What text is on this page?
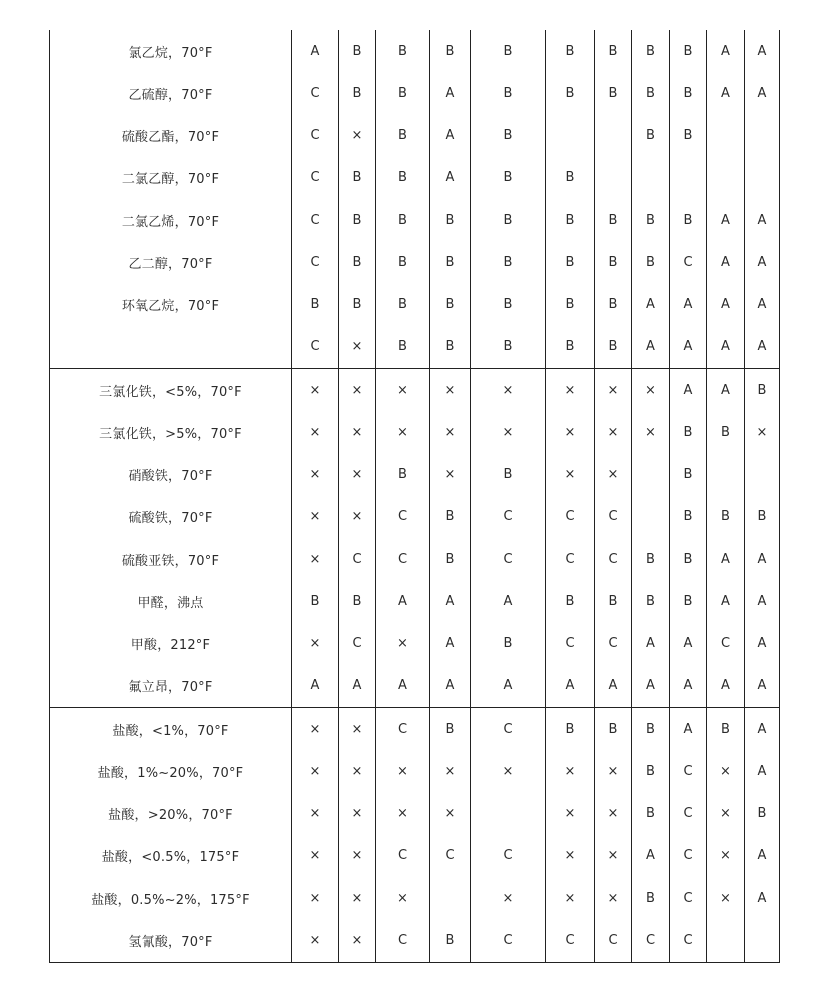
氯乙烷，70°F	A	B	B	B	B	B	B	B	B	A	A
乙硫醇，70°F	C	B	B	A	B	B	B	B	B	A	A
硫酸乙酯，70°F	C	×	B	A	B			B	B		
二氯乙醇，70°F	C	B	B	A	B	B					
二氯乙烯，70°F	C	B	B	B	B	B	B	B	B	A	A
乙二醇，70°F	C	B	B	B	B	B	B	B	C	A	A
环氧乙烷，70°F	B	B	B	B	B	B	B	A	A	A	A
	C	×	B	B	B	B	B	A	A	A	A
三氯化铁，<5%，70°F	×	×	×	×	×	×	×	×	A	A	B
三氯化铁，>5%，70°F	×	×	×	×	×	×	×	×	B	B	×
硝酸铁，70°F	×	×	B	×	B	×	×		B		
硫酸铁，70°F	×	×	C	B	C	C	C		B	B	B
硫酸亚铁，70°F	×	C	C	B	C	C	C	B	B	A	A
甲醛，沸点	B	B	A	A	A	B	B	B	B	A	A
甲酸，212°F	×	C	×	A	B	C	C	A	A	C	A
氟立昂，70°F	A	A	A	A	A	A	A	A	A	A	A
盐酸，<1%，70°F	×	×	C	B	C	B	B	B	A	B	A
盐酸，1%~20%，70°F	×	×	×	×	×	×	×	B	C	×	A
盐酸，>20%，70°F	×	×	×	×		×	×	B	C	×	B
盐酸，<0.5%，175°F	×	×	C	C	C	×	×	A	C	×	A
盐酸，0.5%~2%，175°F	×	×	×		×	×	×	B	C	×	A
氢氰酸，70°F	×	×	C	B	C	C	C	C	C		
